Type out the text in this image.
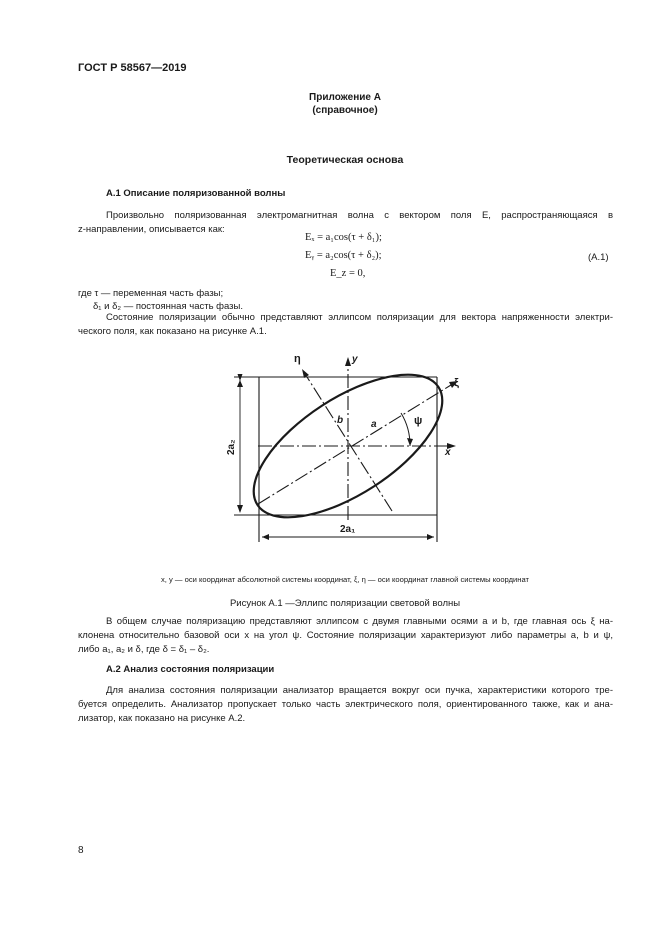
ГОСТ Р 58567—2019
Приложение А
(справочное)
Теоретическая основа
А.1 Описание поляризованной волны
Произвольно поляризованная электромагнитная волна с вектором поля E, распространяющаяся в
z-направлении, описывается как:
Eₓ = a₁cos(τ + δ₁);
Eᵧ = a₂cos(τ + δ₂);	(А.1)
E_z = 0,
где τ — переменная часть фазы;
δ₁ и δ₂ — постоянная часть фазы.
Состояние поляризации обычно представляют эллипсом поляризации для вектора напряженности электри-
ческого поля, как показано на рисунке А.1.
y
x
η
ξ
a
b	ψ
2a₂
2a₁
x, y — оси координат абсолютной системы координат, ξ, η — оси координат главной системы координат
Рисунок А.1 —Эллипс поляризации световой волны
В общем случае поляризацию представляют эллипсом с двумя главными осями a и b, где главная ось ξ на-
клонена относительно базовой оси x на угол ψ. Состояние поляризации характеризуют либо параметры a, b и ψ,
либо a₁, a₂ и δ, где δ = δ₁ – δ₂.
А.2 Анализ состояния поляризации
Для анализа состояния поляризации анализатор вращается вокруг оси пучка, характеристики которого тре-
буется определить. Анализатор пропускает только часть электрического поля, ориентированного также, как и ана-
лизатор, как показано на рисунке А.2.
8
